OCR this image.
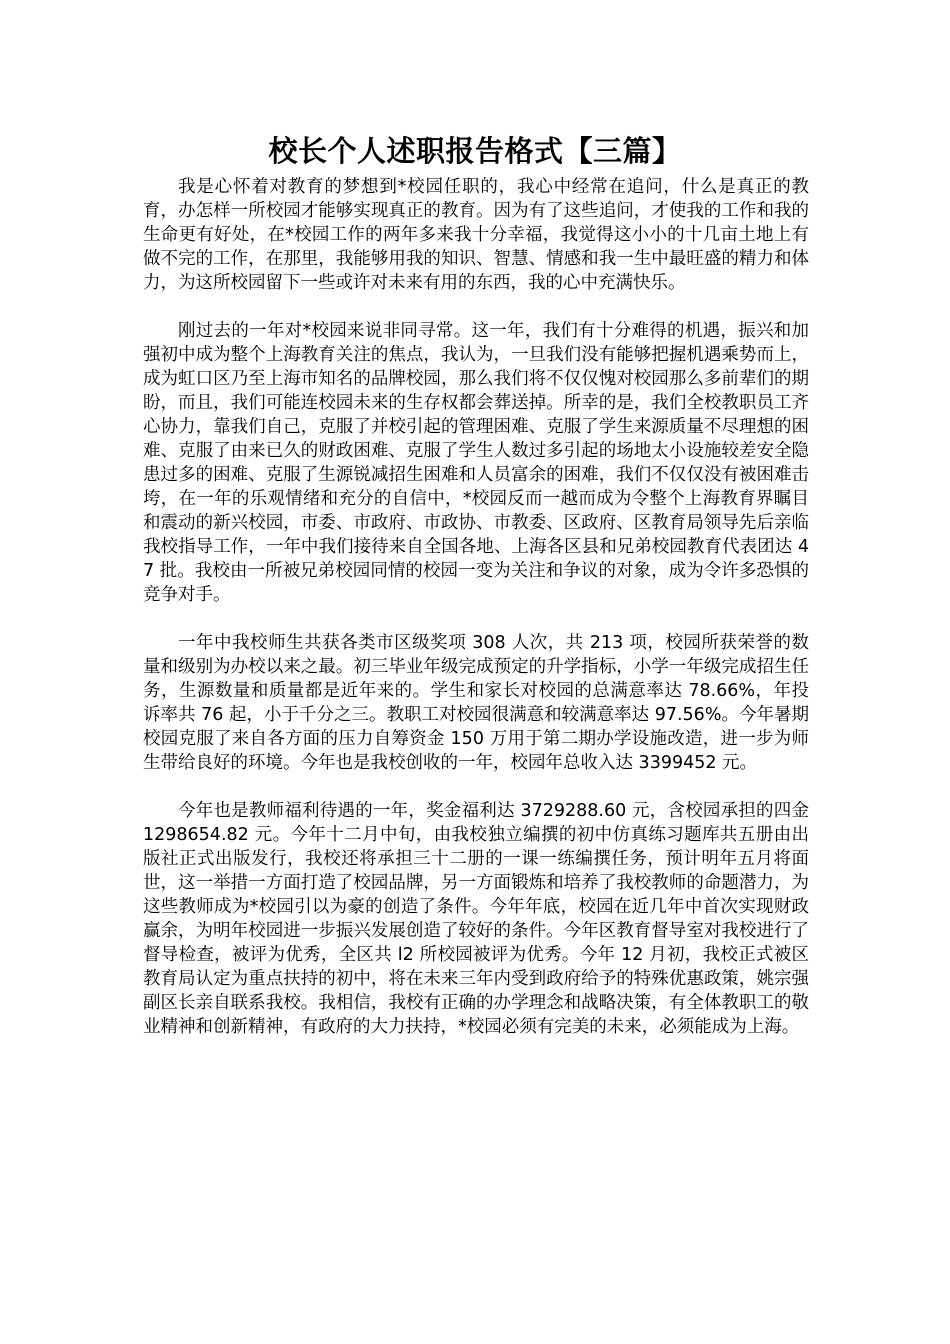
校长个人述职报告格式【三篇】

我是心怀着对教育的梦想到*校园任职的，我心中经常在追问，什么是真正的教育，办怎样一所校园才能够实现真正的教育。因为有了这些追问，才使我的工作和我的生命更有好处，在*校园工作的两年多来我十分幸福，我觉得这小小的十几亩土地上有做不完的工作，在那里，我能够用我的知识、智慧、情感和我一生中最旺盛的精力和体力，为这所校园留下一些或许对未来有用的东西，我的心中充满快乐。

刚过去的一年对*校园来说非同寻常。这一年，我们有十分难得的机遇，振兴和加强初中成为整个上海教育关注的焦点，我认为，一旦我们没有能够把握机遇乘势而上，成为虹口区乃至上海市知名的品牌校园，那么我们将不仅仅愧对校园那么多前辈们的期盼，而且，我们可能连校园未来的生存权都会葬送掉。所幸的是，我们全校教职员工齐心协力，靠我们自己，克服了并校引起的管理困难、克服了学生来源质量不尽理想的困难、克服了由来已久的财政困难、克服了学生人数过多引起的场地太小设施较差安全隐患过多的困难、克服了生源锐减招生困难和人员富余的困难，我们不仅仅没有被困难击垮，在一年的乐观情绪和充分的自信中，*校园反而一越而成为令整个上海教育界瞩目和震动的新兴校园，市委、市政府、市政协、市教委、区政府、区教育局领导先后亲临我校指导工作，一年中我们接待来自全国各地、上海各区县和兄弟校园教育代表团达 47 批。我校由一所被兄弟校园同情的校园一变为关注和争议的对象，成为令许多恐惧的竞争对手。

一年中我校师生共获各类市区级奖项 308 人次，共 213 项，校园所获荣誉的数量和级别为办校以来之最。初三毕业年级完成预定的升学指标，小学一年级完成招生任务，生源数量和质量都是近年来的。学生和家长对校园的总满意率达 78.66%，年投诉率共 76 起，小于千分之三。教职工对校园很满意和较满意率达 97.56%。今年暑期校园克服了来自各方面的压力自筹资金 150 万用于第二期办学设施改造，进一步为师生带给良好的环境。今年也是我校创收的一年，校园年总收入达 3399452 元。

今年也是教师福利待遇的一年，奖金福利达 3729288.60 元，含校园承担的四金 1298654.82 元。今年十二月中旬，由我校独立编撰的初中仿真练习题库共五册由出版社正式出版发行，我校还将承担三十二册的一课一练编撰任务，预计明年五月将面世，这一举措一方面打造了校园品牌，另一方面锻炼和培养了我校教师的命题潜力，为这些教师成为*校园引以为豪的创造了条件。今年年底，校园在近几年中首次实现财政赢余，为明年校园进一步振兴发展创造了较好的条件。今年区教育督导室对我校进行了督导检查，被评为优秀，全区共 l2 所校园被评为优秀。今年 12 月初，我校正式被区教育局认定为重点扶持的初中，将在未来三年内受到政府给予的特殊优惠政策，姚宗强副区长亲自联系我校。我相信，我校有正确的办学理念和战略决策，有全体教职工的敬业精神和创新精神，有政府的大力扶持，*校园必须有完美的未来，必须能成为上海。
